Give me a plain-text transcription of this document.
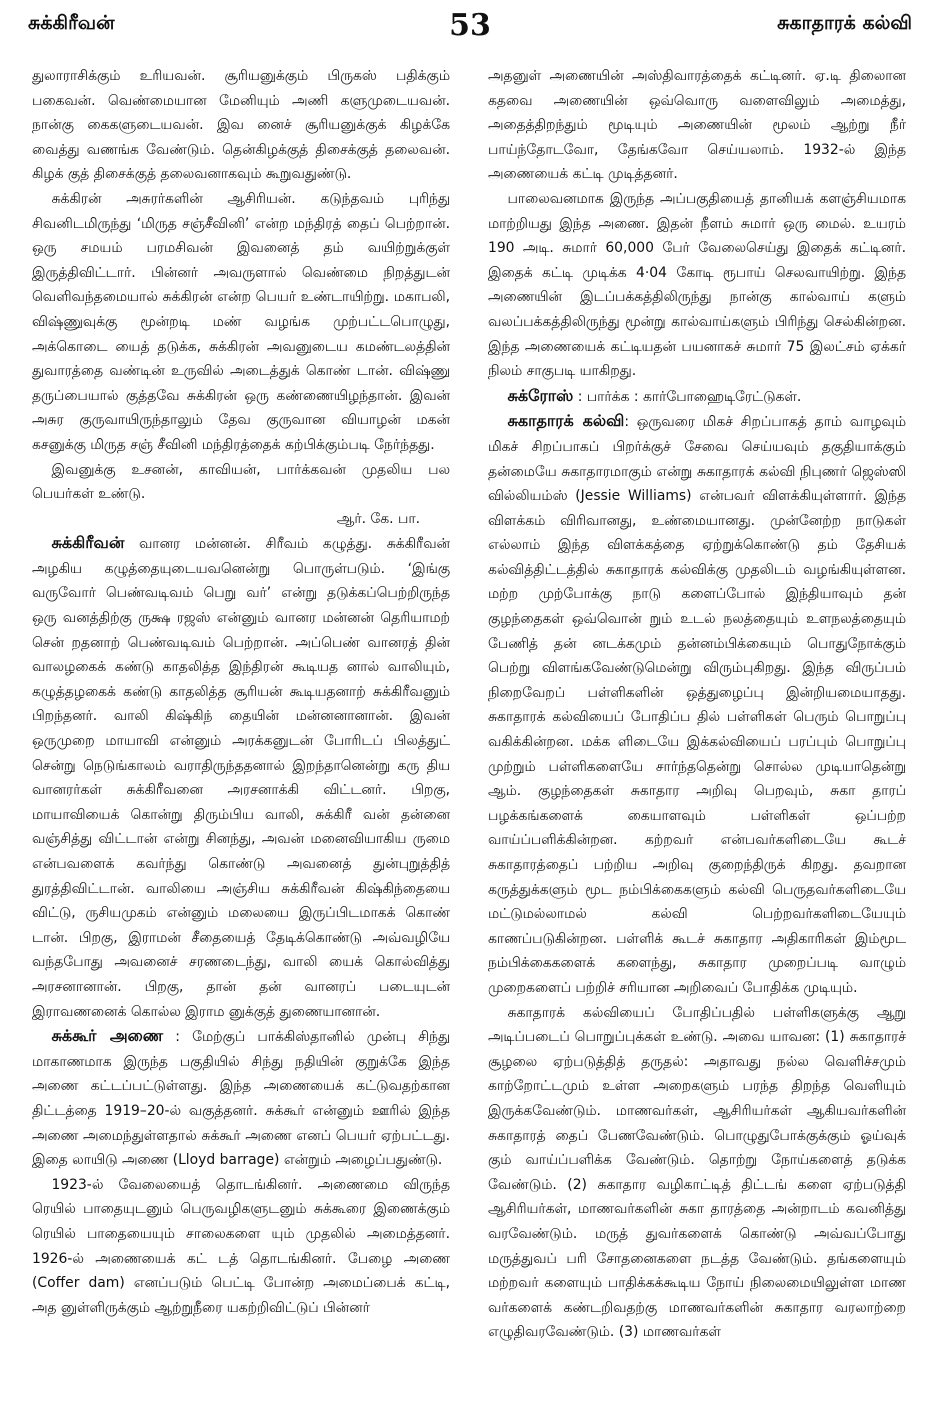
சுக்கிரீவன்	53	சுகாதாரக் கல்வி

துலாராசிக்கும் உரியவன். சூரியனுக்கும் பிருகஸ் பதிக்கும் பகைவன். வெண்மையான மேனியும் அணி களுமுடையவன். நான்கு கைகளுடையவன். இவ னைச் சூரியனுக்குக் கிழக்கே வைத்து வணங்க வேண்டும். தென்கிழக்குத் திசைக்குத் தலைவன். கிழக் குத் திசைக்குத் தலைவனாகவும் கூறுவதுண்டு.

சுக்கிரன் அசுரர்களின் ஆசிரியன். கடுந்தவம் புரிந்து சிவனிடமிருந்து ‘மிருத சஞ்சீவினி’ என்ற மந்திரத் தைப் பெற்றான். ஒரு சமயம் பரமசிவன் இவனைத் தம் வயிற்றுக்குள் இருத்திவிட்டார். பின்னர் அவருளால் வெண்மை நிறத்துடன் வெளிவந்தமையால் சுக்கிரன் என்ற பெயர் உண்டாயிற்று. மகாபலி, விஷ்ணுவுக்கு மூன்றடி மண் வழங்க முற்பட்டபொழுது, அக்கொடை யைத் தடுக்க, சுக்கிரன் அவனுடைய கமண்டலத்தின் துவாரத்தை வண்டின் உருவில் அடைத்துக் கொண் டான். விஷ்ணு தருப்பையால் குத்தவே சுக்கிரன் ஒரு கண்ணையிழந்தான். இவன் அசுர குருவாயிருந்தாலும் தேவ குருவான வியாழன் மகன் கசனுக்கு மிருத சஞ் சீவினி மந்திரத்தைக் கற்பிக்கும்படி நேர்ந்தது.

இவனுக்கு உசனன், காவியன், பார்க்கவன் முதலிய பல பெயர்கள் உண்டு.
ஆர். கே. பா.

சுக்கிரீவன் வானர மன்னன். சிரீவம் கழுத்து. சுக்கிரீவன் அழகிய கழுத்தையுடையவனென்று பொருள்படும். ‘இங்கு வருவோர் பெண்வடிவம் பெறு வர்’ என்று தடுக்கப்பெற்றிருந்த ஒரு வனத்திற்கு ருக்ஷ ரஜஸ் என்னும் வானர மன்னன் தெரியாமற் சென் றதனாற் பெண்வடிவம் பெற்றான். அப்பெண் வானரத் தின் வாலழகைக் கண்டு காதலித்த இந்திரன் கூடியத னால் வாலியும், கழுத்தழகைக் கண்டு காதலித்த சூரியன் கூடியதனாற் சுக்கிரீவனும் பிறந்தனர். வாலி கிஷ்கிந் தையின் மன்னனானான். இவன் ஒருமுறை மாயாவி என்னும் அரக்கனுடன் போரிடப் பிலத்துட் சென்று நெடுங்காலம் வராதிருந்ததனால் இறந்தானென்று கரு திய வானரர்கள் சுக்கிரீவனை அரசனாக்கி விட்டனர். பிறகு, மாயாவியைக் கொன்று திரும்பிய வாலி, சுக்கிரீ வன் தன்னை வஞ்சித்து விட்டான் என்று சினந்து, அவன் மனைவியாகிய ருமை என்பவளைக் கவர்ந்து கொண்டு அவனைத் துன்புறுத்தித் துரத்திவிட்டான். வாலியை அஞ்சிய சுக்கிரீவன் கிஷ்கிந்தையை விட்டு, ருசியமுகம் என்னும் மலையை இருப்பிடமாகக் கொண் டான். பிறகு, இராமன் சீதையைத் தேடிக்கொண்டு அவ்வழியே வந்தபோது அவனைச் சரணடைந்து, வாலி யைக் கொல்வித்து அரசனானான். பிறகு, தான் தன் வானரப் படையுடன் இராவணனைக் கொல்ல இராம னுக்குத் துணையானான்.

சுக்கூர் அணை : மேற்குப் பாக்கிஸ்தானில் முன்பு சிந்து மாகாணமாக இருந்த பகுதியில் சிந்து நதியின் குறுக்கே இந்த அணை கட்டப்பட்டுள்ளது. இந்த அணையைக் கட்டுவதற்கான திட்டத்தை 1919–20-ல் வகுத்தனர். சுக்கூர் என்னும் ஊரில் இந்த அணை அமைந்துள்ளதால் சுக்கூர் அணை எனப் பெயர் ஏற்பட்டது. இதை லாயிடு அணை (Lloyd barrage) என்றும் அழைப்பதுண்டு.

1923-ல் வேலையைத் தொடங்கினர். அணைமை விருந்த ரெயில் பாதையுடனும் பெருவழிகளுடனும் சுக்கூரை இணைக்கும் ரெயில் பாதையையும் சாலைகளை யும் முதலில் அமைத்தனர். 1926-ல் அணையைக் கட் டத் தொடங்கினர். பேழை அணை (Coffer dam) எனப்படும் பெட்டி போன்ற அமைப்பைக் கட்டி, அத னுள்ளிருக்கும் ஆற்றுநீரை யகற்றிவிட்டுப் பின்னர்

அதனுள் அணையின் அஸ்திவாரத்தைக் கட்டினர். ஏ.டி திலைான கதவை அணையின் ஒவ்வொரு வளைவிலும் அமைத்து, அதைத்திறந்தும் மூடியும் அணையின் மூலம் ஆற்று நீர் பாய்ந்தோடவோ, தேங்கவோ செய்யலாம். 1932-ல் இந்த அணையைக் கட்டி முடித்தனர்.

பாலைவனமாக இருந்த அப்பகுதியைத் தானியக் களஞ்சியமாக மாற்றியது இந்த அணை. இதன் நீளம் சுமார் ஒரு மைல். உயரம் 190 அடி. சுமார் 60,000 பேர் வேலைசெய்து இதைக் கட்டினர். இதைக் கட்டி முடிக்க 4·04 கோடி ரூபாய் செலவாயிற்று. இந்த அணையின் இடப்பக்கத்திலிருந்து நான்கு கால்வாய் களும் வலப்பக்கத்திலிருந்து மூன்று கால்வாய்களும் பிரிந்து செல்கின்றன. இந்த அணையைக் கட்டியதன் பயனாகச் சுமார் 75 இலட்சம் ஏக்கர் நிலம் சாகுபடி யாகிறது.

சுக்ரோஸ் : பார்க்க : கார்போஹைடிரேட்டுகள்.

சுகாதாரக் கல்வி: ஒருவரை மிகச் சிறப்பாகத் தாம் வாழவும் மிகச் சிறப்பாகப் பிறர்க்குச் சேவை செய்யவும் தகுதியாக்கும் தன்மையே சுகாதாரமாகும் என்று சுகாதாரக் கல்வி நிபுணர் ஜெஸ்ஸி வில்லியம்ஸ் (Jessie Williams) என்பவர் விளக்கியுள்ளார். இந்த விளக்கம் விரிவானது, உண்மையானது. முன்னேற்ற நாடுகள் எல்லாம் இந்த விளக்கத்தை ஏற்றுக்கொண்டு தம் தேசியக் கல்வித்திட்டத்தில் சுகாதாரக் கல்விக்கு முதலிடம் வழங்கியுள்ளன. மற்ற முற்போக்கு நாடு களைப்போல் இந்தியாவும் தன் குழந்தைகள் ஒவ்வொன் றும் உடல் நலத்தையும் உளநலத்தையும் பேணித் தன் னடக்கமும் தன்னம்பிக்கையும் பொதுநோக்கும் பெற்று விளங்கவேண்டுமென்று விரும்புகிறது. இந்த விருப்பம் நிறைவேறப் பள்ளிகளின் ஒத்துழைப்பு இன்றியமையாதது. சுகாதாரக் கல்வியைப் போதிப்ப தில் பள்ளிகள் பெரும் பொறுப்பு வகிக்கின்றன. மக்க ளிடையே இக்கல்வியைப் பரப்பும் பொறுப்பு முற்றும் பள்ளிகளையே சார்ந்ததென்று சொல்ல முடியாதென்று ஆம். குழந்தைகள் சுகாதார அறிவு பெறவும், சுகா தாரப் பழக்கங்களைக் கையாளவும் பள்ளிகள் ஒப்பற்ற வாய்ப்பளிக்கின்றன. கற்றவர் என்பவர்களிடையே கூடச் சுகாதாரத்தைப் பற்றிய அறிவு குறைந்திருக் கிறது. தவறான கருத்துக்களும் மூட நம்பிக்கைகளும் கல்வி பெருதவர்களிடையே மட்டுமல்லாமல் கல்வி பெற்றவர்களிடையேயும் காணப்படுகின்றன. பள்ளிக் கூடச் சுகாதார அதிகாரிகள் இம்மூட நம்பிக்கைகளைக் களைந்து, சுகாதார முறைப்படி வாழும் முறைகளைப் பற்றிச் சரியான அறிவைப் போதிக்க முடியும்.

சுகாதாரக் கல்வியைப் போதிப்பதில் பள்ளிகளுக்கு ஆறு அடிப்படைப் பொறுப்புக்கள் உண்டு. அவை யாவன: (1) சுகாதாரச் சூழலை ஏற்படுத்தித் தருதல்: அதாவது நல்ல வெளிச்சமும் காற்றோட்டமும் உள்ள அறைகளும் பரந்த திறந்த வெளியும் இருக்கவேண்டும். மாணவர்கள், ஆசிரியர்கள் ஆகியவர்களின் சுகாதாரத் தைப் பேணவேண்டும். பொழுதுபோக்குக்கும் ஓய்வுக் கும் வாய்ப்பளிக்க வேண்டும். தொற்று நோய்களைத் தடுக்க வேண்டும். (2) சுகாதார வழிகாட்டித் திட்டங் களை ஏற்படுத்தி ஆசிரியர்கள், மாணவர்களின் சுகா தாரத்தை அன்றாடம் கவனித்து வரவேண்டும். மருத் துவர்களைக் கொண்டு அவ்வப்போது மருத்துவப் பரி சோதனைகளை நடத்த வேண்டும். தங்களையும் மற்றவர் களையும் பாதிக்கக்கூடிய நோய் நிலைமையிலுள்ள மாண வர்களைக் கண்டறிவதற்கு மாணவர்களின் சுகாதார வரலாற்றை எழுதிவரவேண்டும். (3) மாணவர்கள்
